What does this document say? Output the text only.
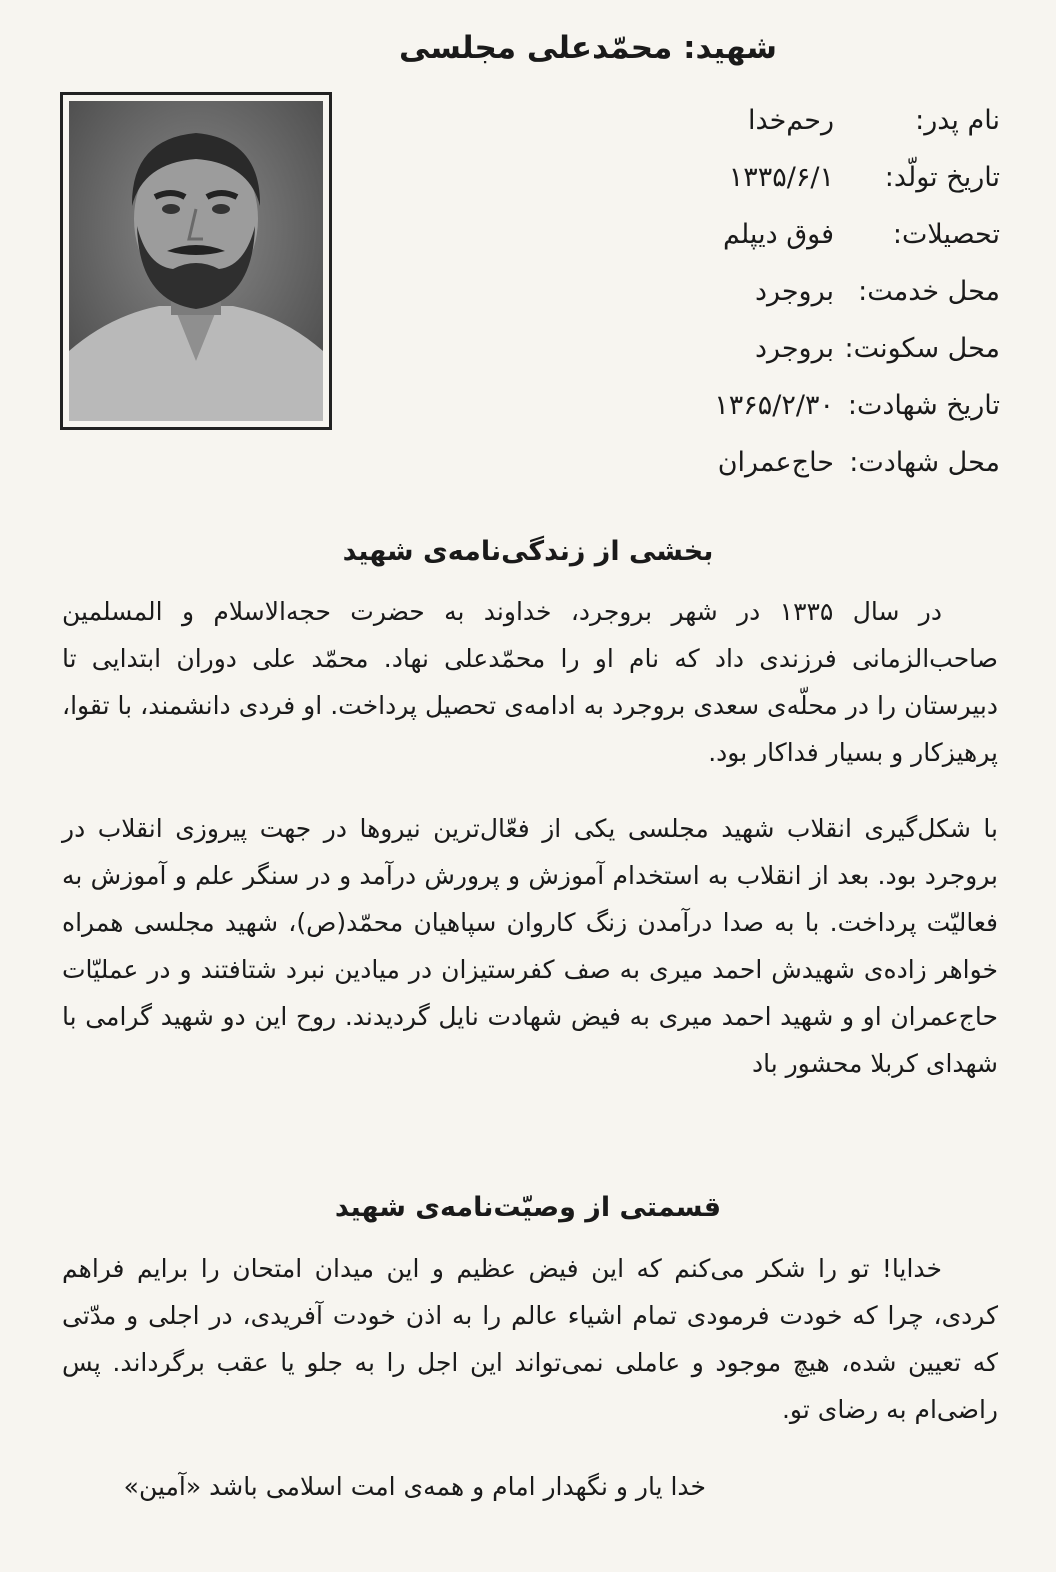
شهید: محمّدعلی مجلسی
نام پدر:
رحم‌خدا
تاریخ تولّد:
۱۳۳۵/۶/۱
تحصیلات:
فوق دیپلم
محل خدمت:
بروجرد
محل سکونت:
بروجرد
تاریخ شهادت:
۱۳۶۵/۲/۳۰
محل شهادت:
حاج‌عمران
بخشی از زندگی‌نامه‌ی شهید

در سال ۱۳۳۵ در شهر بروجرد، خداوند به حضرت حجه‌الاسلام و المسلمین صاحب‌الزمانی فرزندی داد که نام او را محمّدعلی نهاد. محمّد علی دوران ابتدایی تا دبیرستان را در محلّه‌ی سعدی بروجرد به ادامه‌ی تحصیل پرداخت. او فردی دانشمند، با تقوا، پرهیزکار و بسیار فداکار بود.

با شکل‌گیری انقلاب شهید مجلسی یکی از فعّال‌ترین نیروها در جهت پیروزی انقلاب در بروجرد بود. بعد از انقلاب به استخدام آموزش و پرورش درآمد و در سنگر علم و آموزش به فعالیّت پرداخت. با به صدا درآمدن زنگ کاروان سپاهیان محمّد(ص)، شهید مجلسی همراه خواهر زاده‌ی شهیدش احمد میری به صف کفرستیزان در میادین نبرد شتافتند و در عملیّات حاج‌عمران او و شهید احمد میری به فیض شهادت نایل گردیدند. روح این دو شهید گرامی با شهدای کربلا محشور باد

قسمتی از وصیّت‌نامه‌ی شهید

خدایا! تو را شکر می‌کنم که این فیض عظیم و این میدان امتحان را برایم فراهم کردی، چرا که خودت فرمودی تمام اشیاء عالم را به اذن خودت آفریدی، در اجلی و مدّتی که تعیین شده، هیچ موجود و عاملی نمی‌تواند این اجل را به جلو یا عقب برگرداند. پس راضی‌ام به رضای تو.

خدا یار و نگهدار امام و همه‌ی امت اسلامی باشد «آمین»
